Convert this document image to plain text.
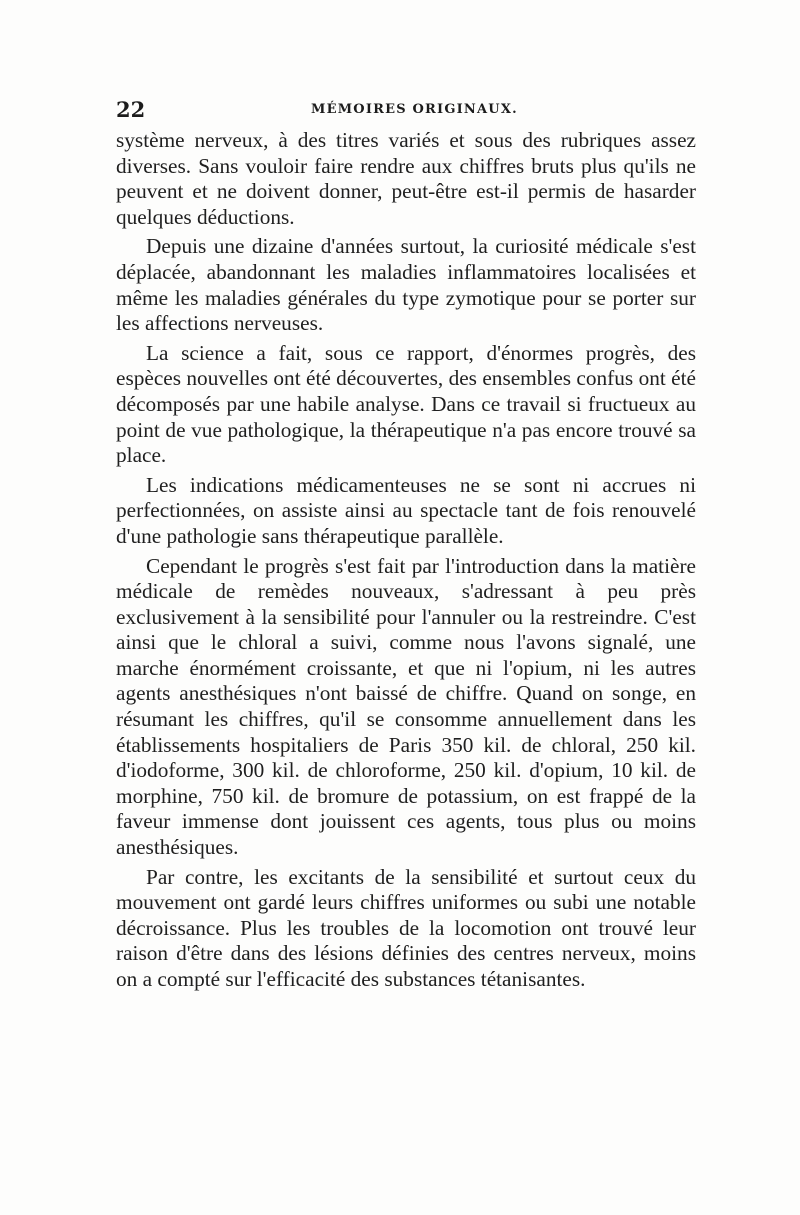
22	MÉMOIRES ORIGINAUX.

système nerveux, à des titres variés et sous des rubriques assez diverses. Sans vouloir faire rendre aux chiffres bruts plus qu'ils ne peuvent et ne doivent donner, peut-être est-il permis de hasarder quelques déductions.

Depuis une dizaine d'années surtout, la curiosité médicale s'est déplacée, abandonnant les maladies inflammatoires localisées et même les maladies générales du type zymotique pour se porter sur les affections nerveuses.

La science a fait, sous ce rapport, d'énormes progrès, des espèces nouvelles ont été découvertes, des ensembles confus ont été décomposés par une habile analyse. Dans ce travail si fructueux au point de vue pathologique, la thérapeutique n'a pas encore trouvé sa place.

Les indications médicamenteuses ne se sont ni accrues ni perfectionnées, on assiste ainsi au spectacle tant de fois renouvelé d'une pathologie sans thérapeutique parallèle.

Cependant le progrès s'est fait par l'introduction dans la matière médicale de remèdes nouveaux, s'adressant à peu près exclusivement à la sensibilité pour l'annuler ou la restreindre. C'est ainsi que le chloral a suivi, comme nous l'avons signalé, une marche énormément croissante, et que ni l'opium, ni les autres agents anesthésiques n'ont baissé de chiffre. Quand on songe, en résumant les chiffres, qu'il se consomme annuellement dans les établissements hospitaliers de Paris 350 kil. de chloral, 250 kil. d'iodoforme, 300 kil. de chloroforme, 250 kil. d'opium, 10 kil. de morphine, 750 kil. de bromure de potassium, on est frappé de la faveur immense dont jouissent ces agents, tous plus ou moins anesthésiques.

Par contre, les excitants de la sensibilité et surtout ceux du mouvement ont gardé leurs chiffres uniformes ou subi une notable décroissance. Plus les troubles de la locomotion ont trouvé leur raison d'être dans des lésions définies des centres nerveux, moins on a compté sur l'efficacité des substances tétanisantes.
